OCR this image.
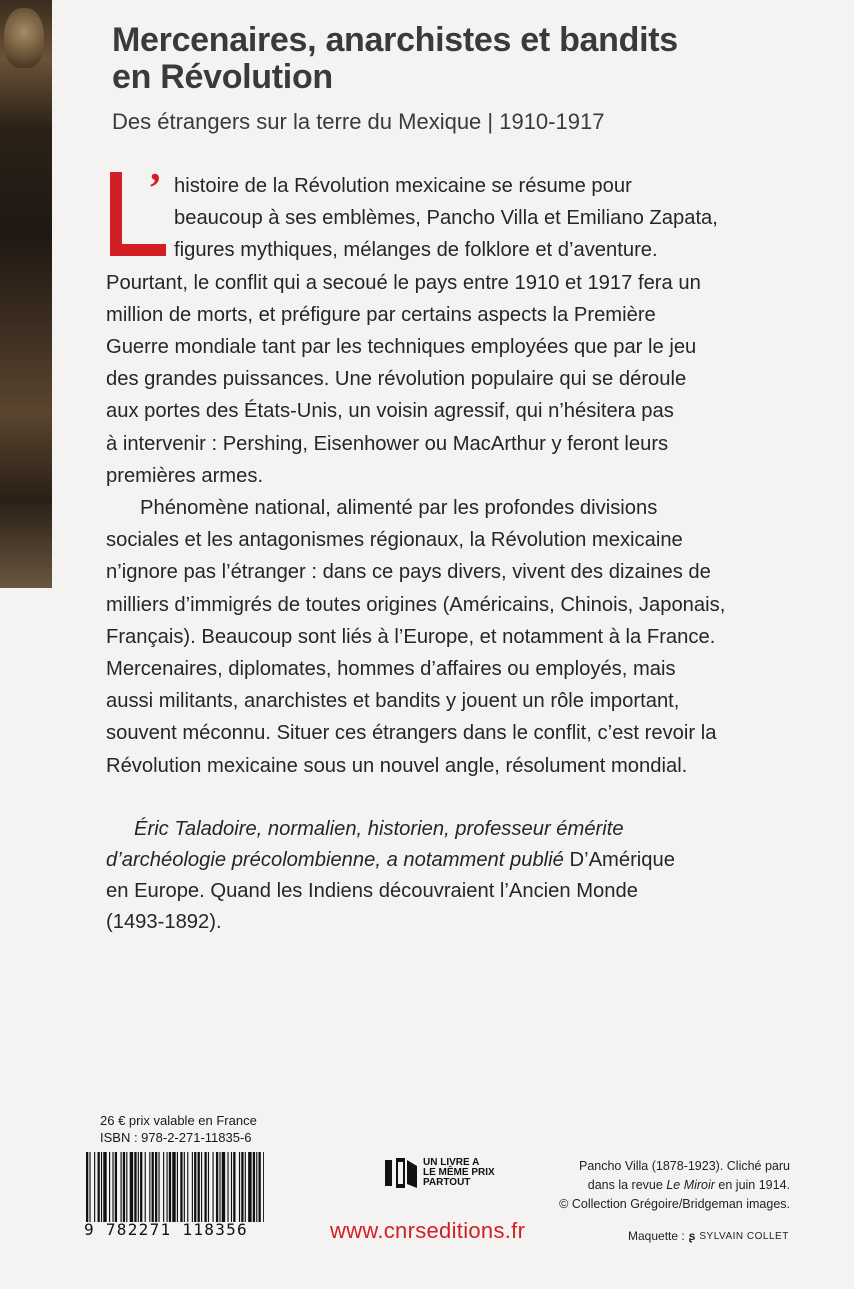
Mercenaires, anarchistes et bandits
en Révolution
Des étrangers sur la terre du Mexique | 1910-1917
’ histoire de la Révolution mexicaine se résume pour
beaucoup à ses emblèmes, Pancho Villa et Emiliano Zapata,
figures mythiques, mélanges de folklore et d’aventure.
Pourtant, le conflit qui a secoué le pays entre 1910 et 1917 fera un
million de morts, et préfigure par certains aspects la Première
Guerre mondiale tant par les techniques employées que par le jeu
des grandes puissances. Une révolution populaire qui se déroule
aux portes des États-Unis, un voisin agressif, qui n’hésitera pas
à intervenir : Pershing, Eisenhower ou MacArthur y feront leurs
premières armes.
Phénomène national, alimenté par les profondes divisions
sociales et les antagonismes régionaux, la Révolution mexicaine
n’ignore pas l’étranger : dans ce pays divers, vivent des dizaines de
milliers d’immigrés de toutes origines (Américains, Chinois, Japonais,
Français). Beaucoup sont liés à l’Europe, et notamment à la France.
Mercenaires, diplomates, hommes d’affaires ou employés, mais
aussi militants, anarchistes et bandits y jouent un rôle important,
souvent méconnu. Situer ces étrangers dans le conflit, c’est revoir la
Révolution mexicaine sous un nouvel angle, résolument mondial.
Éric Taladoire, normalien, historien, professeur émérite
d’archéologie précolombienne, a notamment publié D’Amérique
en Europe. Quand les Indiens découvraient l’Ancien Monde
(1493-1892).
26 € prix valable en France
ISBN : 978-2-271-11835-6
9 782271 118356
UN LIVRE A
LE MÊME PRIX
PARTOUT
www.cnrseditions.fr
Pancho Villa (1878-1923). Cliché paru
dans la revue Le Miroir en juin 1914.
© Collection Grégoire/Bridgeman images.
Maquette : ʂ SYLVAIN COLLET
